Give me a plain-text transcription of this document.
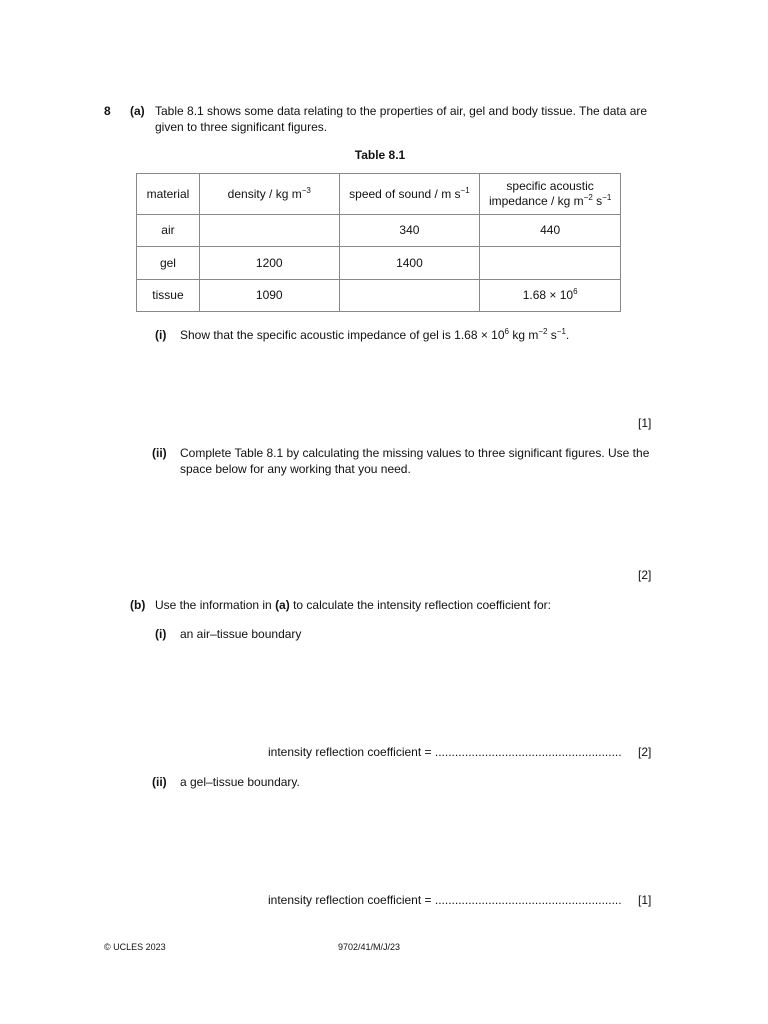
8 (a) Table 8.1 shows some data relating to the properties of air, gel and body tissue. The data are
given to three significant figures.
Table 8.1
material	density / kg $m^{-3}$	speed of sound / m $s^{-1}$	specific acoustic
impedance / kg $m^{-2}$ $s^{-1}$

air		340	440
gel	1200	1400	
tissue	1090		$1.68 \times 10^6$
(i) Show that the specific acoustic impedance of gel is $1.68 \times 10^6$ kg $m^{-2}$ $s^{-1}$.
[1]
(ii) Complete Table 8.1 by calculating the missing values to three significant figures. Use the
space below for any working that you need.
[2]
(b) Use the information in (a) to calculate the intensity reflection coefficient for:
(i) an air–tissue boundary
intensity reflection coefficient = ........................................................ [2]
(ii) a gel–tissue boundary.
intensity reflection coefficient = ........................................................ [1]
© UCLES 2023	9702/41/M/J/23
